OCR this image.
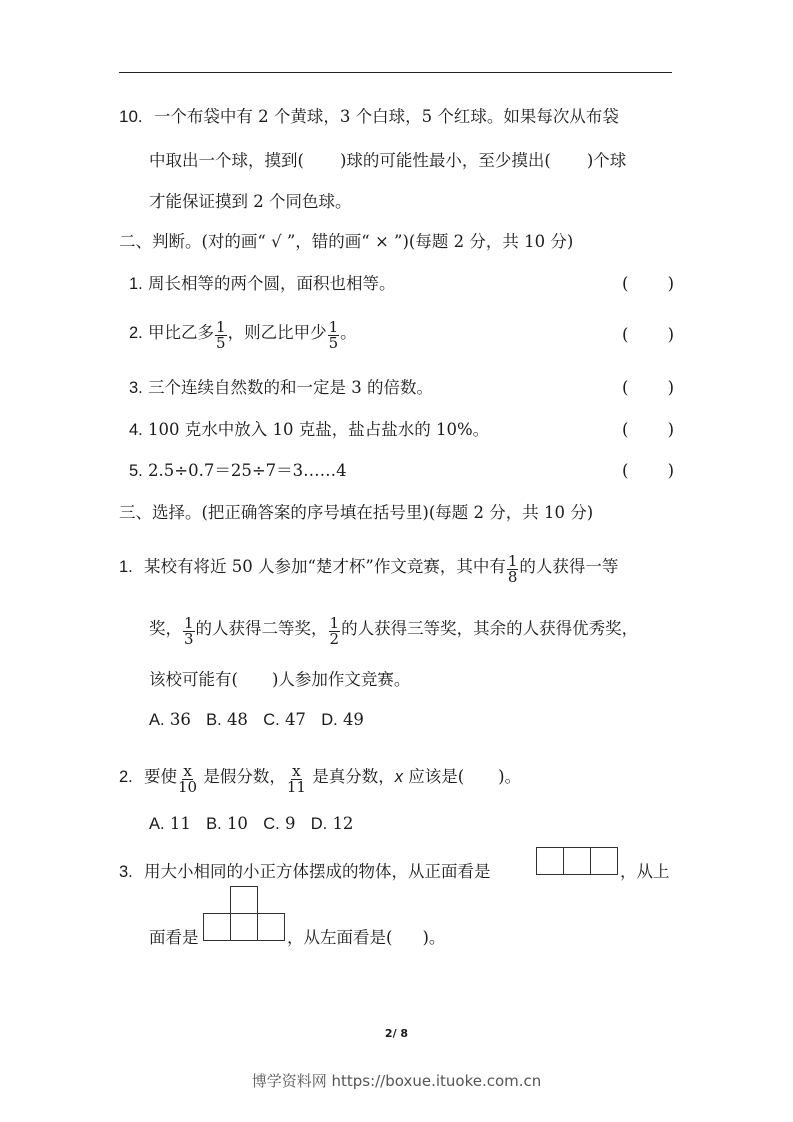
10. 一个布袋中有 2 个黄球，3 个白球，5 个红球。如果每次从布袋
中取出一个球，摸到( )球的可能性最小，至少摸出( )个球
才能保证摸到 2 个同色球。
二、判断。(对的画“ √ ”，错的画“ × ”)(每题 2 分，共 10 分)
1. 周长相等的两个圆，面积也相等。	( )
2. 甲比乙多 $\frac{1}{5}$ ，则乙比甲少 $\frac{1}{5}$ 。	( )
3. 三个连续自然数的和一定是 3 的倍数。	( )
4. 100 克水中放入 10 克盐，盐占盐水的 10%。	( )
5. 2.5÷0.7＝25÷7＝3……4	( )
三、选择。(把正确答案的序号填在括号里)(每题 2 分，共 10 分)
1. 某校有将近 50 人参加“楚才杯”作文竞赛，其中有 $\frac{1}{8}$ 的人获得一等
奖， $\frac{1}{3}$ 的人获得二等奖， $\frac{1}{2}$ 的人获得三等奖，其余的人获得优秀奖，
该校可能有( )人参加作文竞赛。
A. 36 B. 48 C. 47 D. 49
2. 要使 $\frac{x}{10}$ 是假分数， $\frac{x}{11}$ 是真分数，x 应该是( )。
A. 11 B. 10 C. 9 D. 12
3. 用大小相同的小正方体摆成的物体，从正面看是	，从上
面看是	，从左面看是( )。
2/ 8
博学资料网 https://boxue.ituoke.com.cn
